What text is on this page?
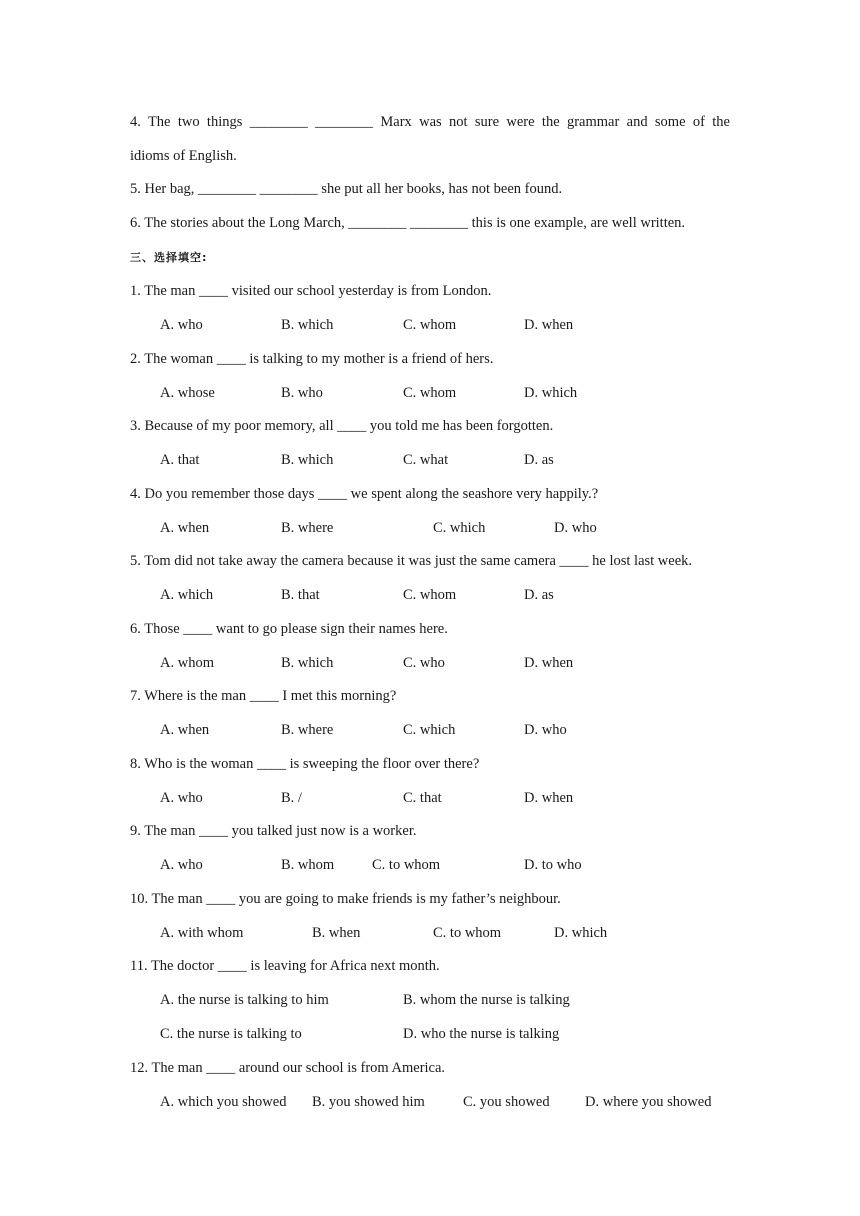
4. The two things ________ ________ Marx was not sure were the grammar and some of the
idioms of English.
5. Her bag, ________ ________ she put all her books, has not been found.
6. The stories about the Long March, ________ ________ this is one example, are well written.
三、选择填空:
1. The man ____ visited our school yesterday is from London.
A. who	B. which	C. whom	D. when
2. The woman ____ is talking to my mother is a friend of hers.
A. whose	B. who	C. whom	D. which
3. Because of my poor memory, all ____ you told me has been forgotten.
A. that	B. which	C. what	D. as
4. Do you remember those days ____ we spent along the seashore very happily.?
A. when	B. where	C. which	D. who
5. Tom did not take away the camera because it was just the same camera ____ he lost last week.
A. which	B. that	C. whom	D. as
6. Those ____ want to go please sign their names here.
A. whom	B. which	C. who	D. when
7. Where is the man ____ I met this morning?
A. when	B. where	C. which	D. who
8. Who is the woman ____ is sweeping the floor over there?
A. who	B. /	C. that	D. when
9. The man ____ you talked just now is a worker.
A. who	B. whom	C. to whom	D. to who
10. The man ____ you are going to make friends is my father’s neighbour.
A. with whom	B. when	C. to whom	D. which
11. The doctor ____ is leaving for Africa next month.
A. the nurse is talking to him	B. whom the nurse is talking
C. the nurse is talking to	D. who the nurse is talking
12. The man ____ around our school is from America.
A. which you showed B. you showed him	C. you showed D. where you showed
